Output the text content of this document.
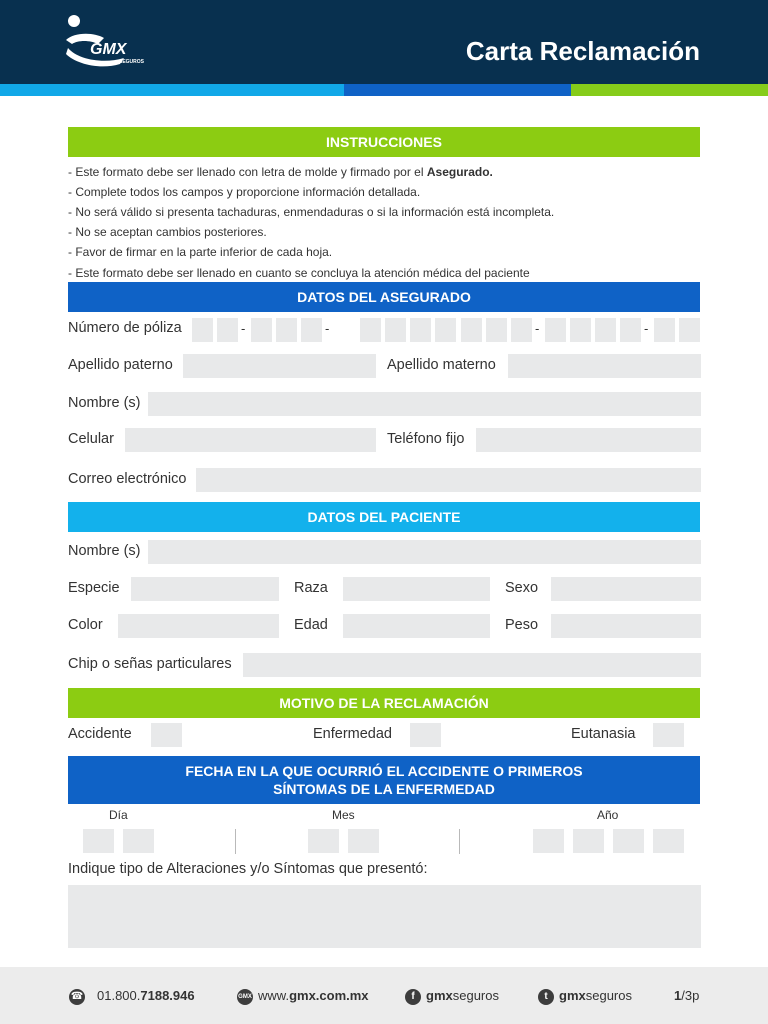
GMX
SEGUROS	Carta Reclamación
INSTRUCCIONES
- Este formato debe ser llenado con letra de molde y firmado por el Asegurado.
- Complete todos los campos y proporcione información detallada.
- No será válido si presenta tachaduras, enmendaduras o si la información está incompleta.
- No se aceptan cambios posteriores.
- Favor de firmar en la parte inferior de cada hoja.
- Este formato debe ser llenado en cuanto se concluya la atención médica del paciente
DATOS DEL ASEGURADO
Número de póliza	-	-	-	-
Apellido paterno	Apellido materno
Nombre (s)
Celular	Teléfono fijo
Correo electrónico
DATOS DEL PACIENTE
Nombre (s)
Especie	Raza	Sexo
Color	Edad	Peso
Chip o señas particulares
MOTIVO DE LA RECLAMACIÓN
Accidente	Enfermedad	Eutanasia
FECHA EN LA QUE OCURRIÓ EL ACCIDENTE O PRIMEROS
SÍNTOMAS DE LA ENFERMEDAD
Día	Mes	Año
Indique tipo de Alteraciones y/o Síntomas que presentó:
☎ 01.800.7188.946	GMX www.gmx.com.mx	f gmxseguros	t gmxseguros	1/3p
